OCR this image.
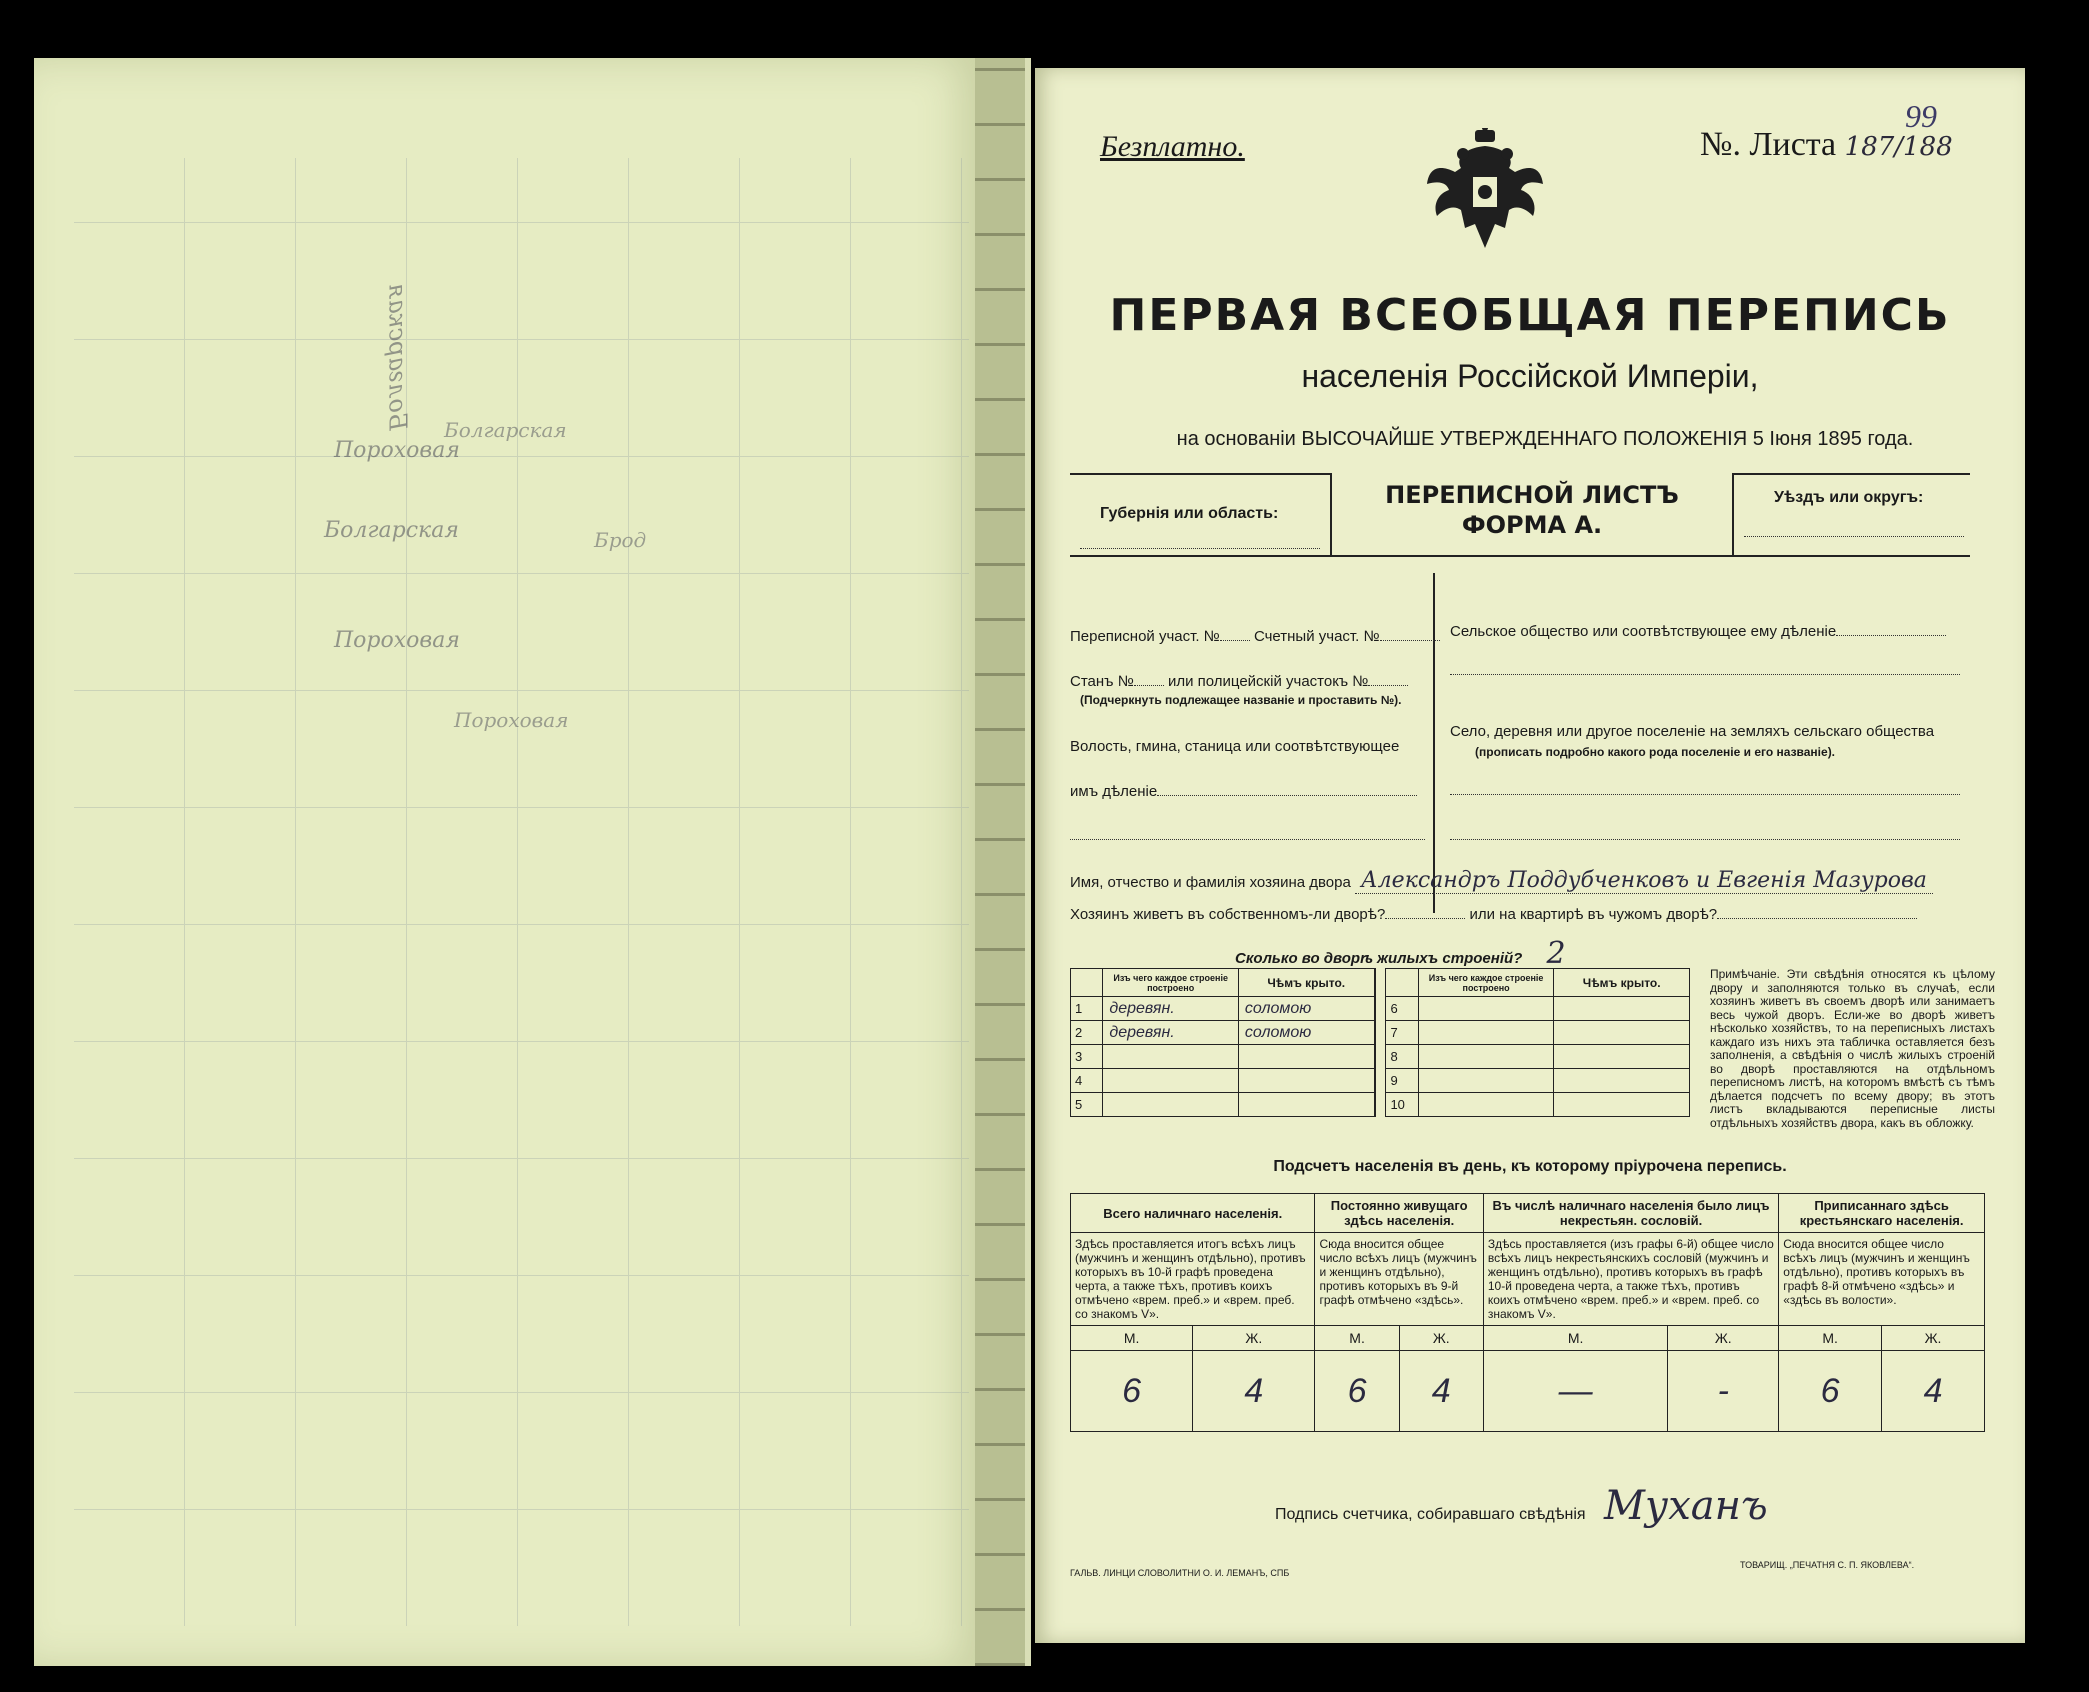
Болгарская
Пороховая
Болгарская
Пороховая
Болгарская
Брод
Пороховая
Безплатно.	№. Листа 187/188
99
ПЕРВАЯ ВСЕОБЩАЯ ПЕРЕПИСЬ
населенія Россійской Имперіи,
на основаніи ВЫСОЧАЙШЕ УТВЕРЖДЕННАГО ПОЛОЖЕНІЯ 5 Іюня 1895 года.
Губернія или область:
ПЕРЕПИСНОЙ ЛИСТЪ
ФОРМА А.
Уѣздъ или округъ:
Переписной участ. № Счетный участ. №
Станъ № или полицейскій участокъ №
(Подчеркнуть подлежащее названіе и проставить №).
Волость, гмина, станица или соотвѣтствующее
имъ дѣленіе
Сельское общество или соотвѣтствующее ему дѣленіе
Село, деревня или другое поселеніе на земляхъ сельскаго общества
(прописать подробно какого рода поселеніе и его названіе).
Имя, отчество и фамилія хозяина двора Александръ Поддубченковъ и Евгенія Мазурова
Хозяинъ живетъ въ собственномъ-ли дворѣ?	или на квартирѣ въ чужомъ дворѣ?
Сколько во дворѣ жилыхъ строеній? 2
	Изъ чего каждое строеніе построено	Чѣмъ крыто.			Изъ чего каждое строеніе построено	Чѣмъ крыто.
1	деревян.	соломою		6		
2	деревян.	соломою		7		
3				8		
4				9		
5				10		
Примѣчаніе. Эти свѣдѣнія относятся къ цѣлому двору и заполняются только въ случаѣ, если хозяинъ живетъ въ своемъ дворѣ или занимаетъ весь чужой дворъ. Если-же во дворѣ живетъ нѣсколько хозяйствъ, то на переписныхъ листахъ каждаго изъ нихъ эта табличка оставляется безъ заполненія, а свѣдѣнія о числѣ жилыхъ строеній во дворѣ проставляются на отдѣльномъ переписномъ листѣ, на которомъ вмѣстѣ съ тѣмъ дѣлается подсчетъ по всему двору; въ этотъ листъ вкладываются переписные листы отдѣльныхъ хозяйствъ двора, какъ въ обложку.
Подсчетъ населенія въ день, къ которому пріурочена перепись.
Всего наличнаго населенія.		Постоянно живущаго здѣсь населенія.		Въ числѣ наличнаго населенія было лицъ некрестьян. сословій.		Приписаннаго здѣсь крестьянскаго населенія.	
Здѣсь проставляется итогъ всѣхъ лицъ (мужчинъ и женщинъ отдѣльно), противъ которыхъ въ 10-й графѣ проведена черта, а также тѣхъ, противъ коихъ отмѣчено «врем. преб.» и «врем. преб. со знакомъ V».		Сюда вносится общее число всѣхъ лицъ (мужчинъ и женщинъ отдѣльно), противъ которыхъ въ 9-й графѣ отмѣчено «здѣсь».		Здѣсь проставляется (изъ графы 6-й) общее число всѣхъ лицъ некрестьянскихъ сословій (мужчинъ и женщинъ отдѣльно), противъ которыхъ въ графѣ 10-й проведена черта, а также тѣхъ, противъ коихъ отмѣчено «врем. преб.» и «врем. преб. со знакомъ V».		Сюда вносится общее число всѣхъ лицъ (мужчинъ и женщинъ отдѣльно), противъ которыхъ въ графѣ 8-й отмѣчено «здѣсь» и «здѣсь въ волости».	
М.	Ж.	М.	Ж.	М.	Ж.	М.	Ж.
6	4	6	4	—	-	6	4
Подпись счетчика, собиравшаго свѣдѣнія Муханъ
ГАЛЬВ. ЛИНЦИ СЛОВОЛИТНИ О. И. ЛЕМАНЪ, СПБ
ТОВАРИЩ. „ПЕЧАТНЯ С. П. ЯКОВЛЕВА“.
